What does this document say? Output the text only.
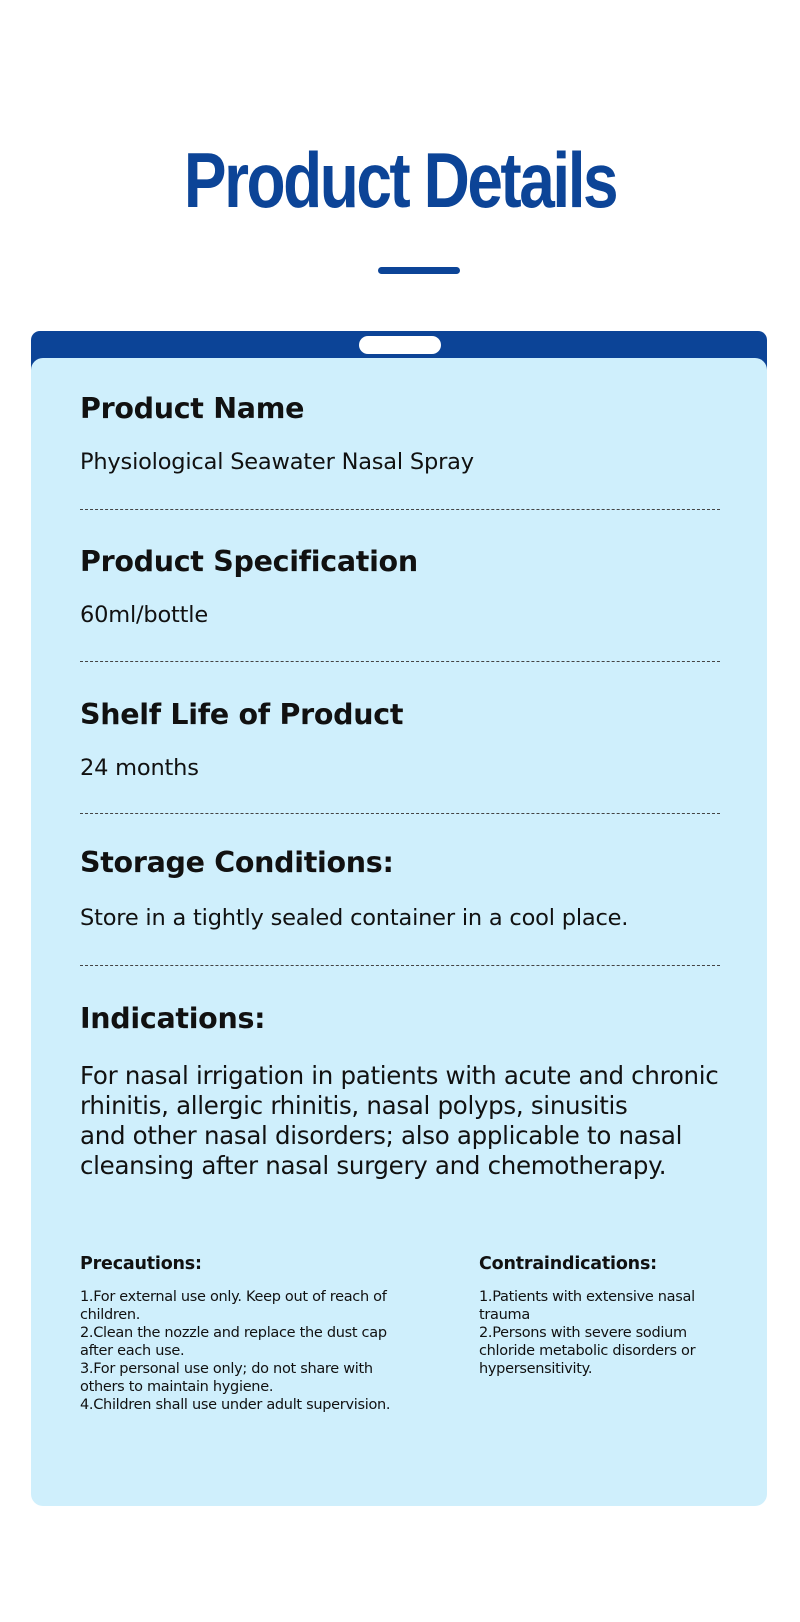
Product Details
Product Name
Physiological Seawater Nasal Spray
Product Specification
60ml/bottle
Shelf Life of Product
24 months
Storage Conditions:
Store in a tightly sealed container in a cool place.
Indications:
For nasal irrigation in patients with acute and chronic
rhinitis, allergic rhinitis, nasal polyps, sinusitis
and other nasal disorders; also applicable to nasal
cleansing after nasal surgery and chemotherapy.
Precautions:
1.For external use only. Keep out of reach of children.
2.Clean the nozzle and replace the dust cap after each use.
3.For personal use only; do not share with others to maintain hygiene.
4.Children shall use under adult supervision.
Contraindications:
1.Patients with extensive nasal trauma
2.Persons with severe sodium chloride metabolic disorders or hypersensitivity.
